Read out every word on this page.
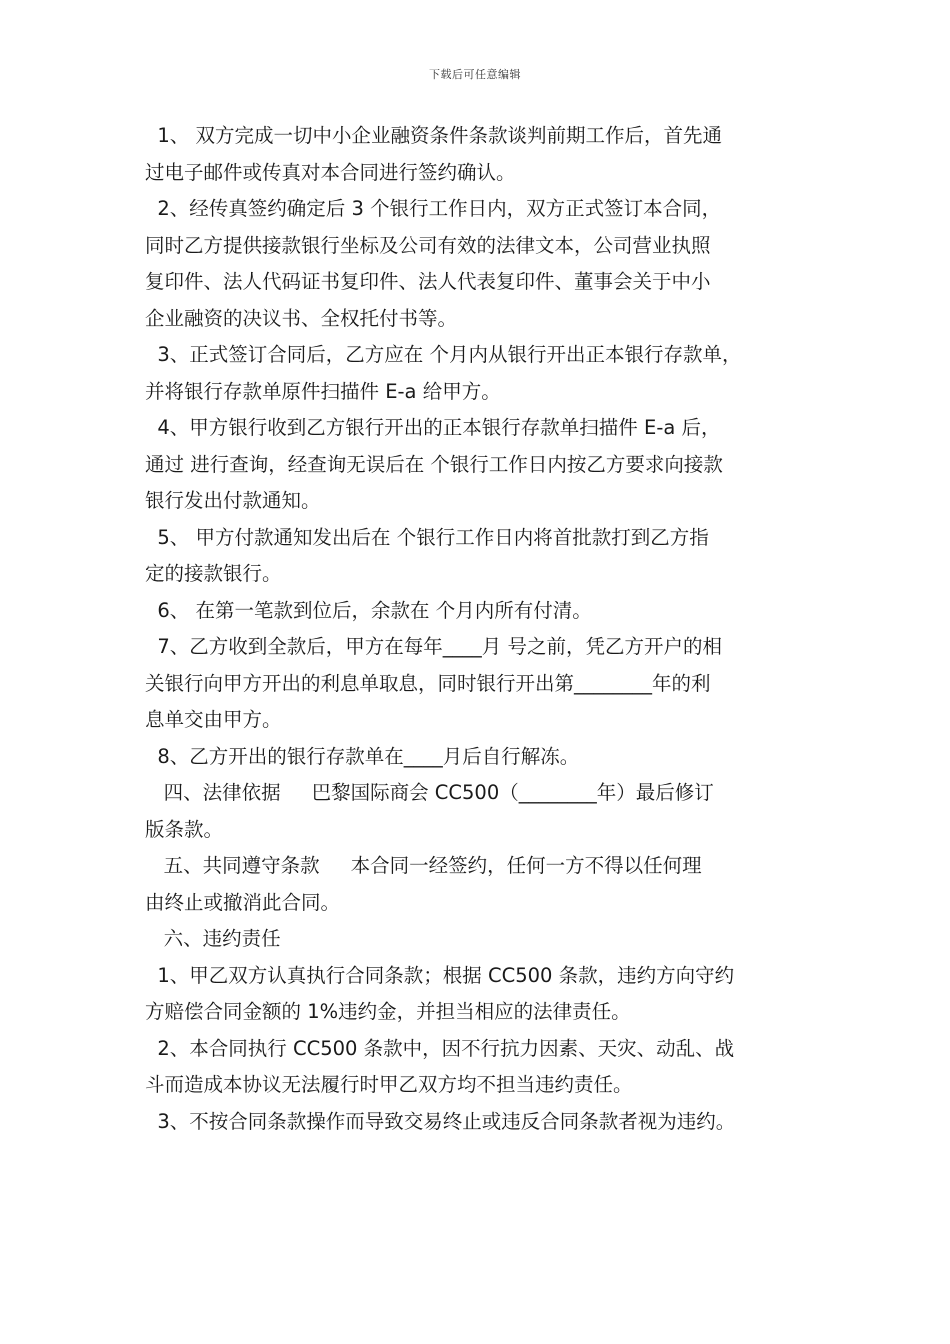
下载后可任意编辑
1、 双方完成一切中小企业融资条件条款谈判前期工作后，首先通
过电子邮件或传真对本合同进行签约确认。
2、经传真签约确定后 3 个银行工作日内，双方正式签订本合同，
同时乙方提供接款银行坐标及公司有效的法律文本，公司营业执照
复印件、法人代码证书复印件、法人代表复印件、董事会关于中小
企业融资的决议书、全权托付书等。
3、正式签订合同后，乙方应在 个月内从银行开出正本银行存款单，
并将银行存款单原件扫描件 E-a 给甲方。
4、甲方银行收到乙方银行开出的正本银行存款单扫描件 E-a 后，
通过 进行查询，经查询无误后在 个银行工作日内按乙方要求向接款
银行发出付款通知。
5、 甲方付款通知发出后在 个银行工作日内将首批款打到乙方指
定的接款银行。
6、 在第一笔款到位后，余款在 个月内所有付清。
7、乙方收到全款后，甲方在每年____月 号之前，凭乙方开户的相
关银行向甲方开出的利息单取息，同时银行开出第________年的利
息单交由甲方。
8、乙方开出的银行存款单在____月后自行解冻。
四、法律依据     巴黎国际商会 CC500（________年）最后修订
版条款。
五、共同遵守条款     本合同一经签约，任何一方不得以任何理
由终止或撤消此合同。
六、违约责任
1、甲乙双方认真执行合同条款；根据 CC500 条款，违约方向守约
方赔偿合同金额的 1%违约金，并担当相应的法律责任。
2、本合同执行 CC500 条款中，因不行抗力因素、天灾、动乱、战
斗而造成本协议无法履行时甲乙双方均不担当违约责任。
3、不按合同条款操作而导致交易终止或违反合同条款者视为违约。
